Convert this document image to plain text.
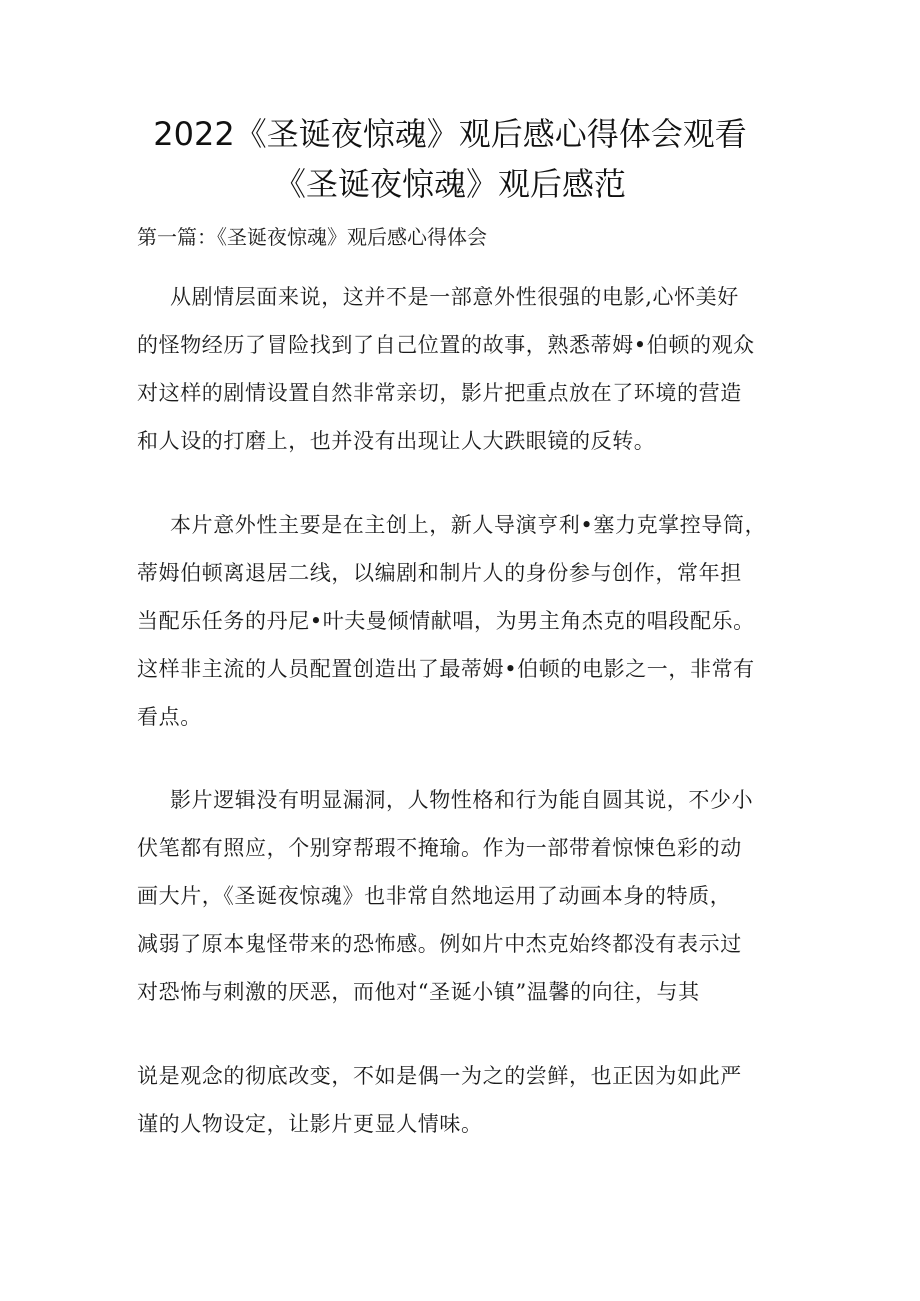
2022《圣诞夜惊魂》观后感心得体会观看
《圣诞夜惊魂》观后感范
第一篇：《圣诞夜惊魂》观后感心得体会
从剧情层面来说，这并不是一部意外性很强的电影,心怀美好
的怪物经历了冒险找到了自己位置的故事，熟悉蒂姆•伯顿的观众
对这样的剧情设置自然非常亲切，影片把重点放在了环境的营造
和人设的打磨上，也并没有出现让人大跌眼镜的反转。
本片意外性主要是在主创上，新人导演亨利•塞力克掌控导筒，
蒂姆伯顿离退居二线，以编剧和制片人的身份参与创作，常年担
当配乐任务的丹尼•叶夫曼倾情献唱，为男主角杰克的唱段配乐。
这样非主流的人员配置创造出了最蒂姆•伯顿的电影之一，非常有
看点。
影片逻辑没有明显漏洞，人物性格和行为能自圆其说，不少小
伏笔都有照应，个别穿帮瑕不掩瑜。作为一部带着惊悚色彩的动
画大片，《圣诞夜惊魂》也非常自然地运用了动画本身的特质，
减弱了原本鬼怪带来的恐怖感。例如片中杰克始终都没有表示过
对恐怖与刺激的厌恶，而他对“圣诞小镇”温馨的向往，与其
说是观念的彻底改变，不如是偶一为之的尝鲜，也正因为如此严
谨的人物设定，让影片更显人情味。
